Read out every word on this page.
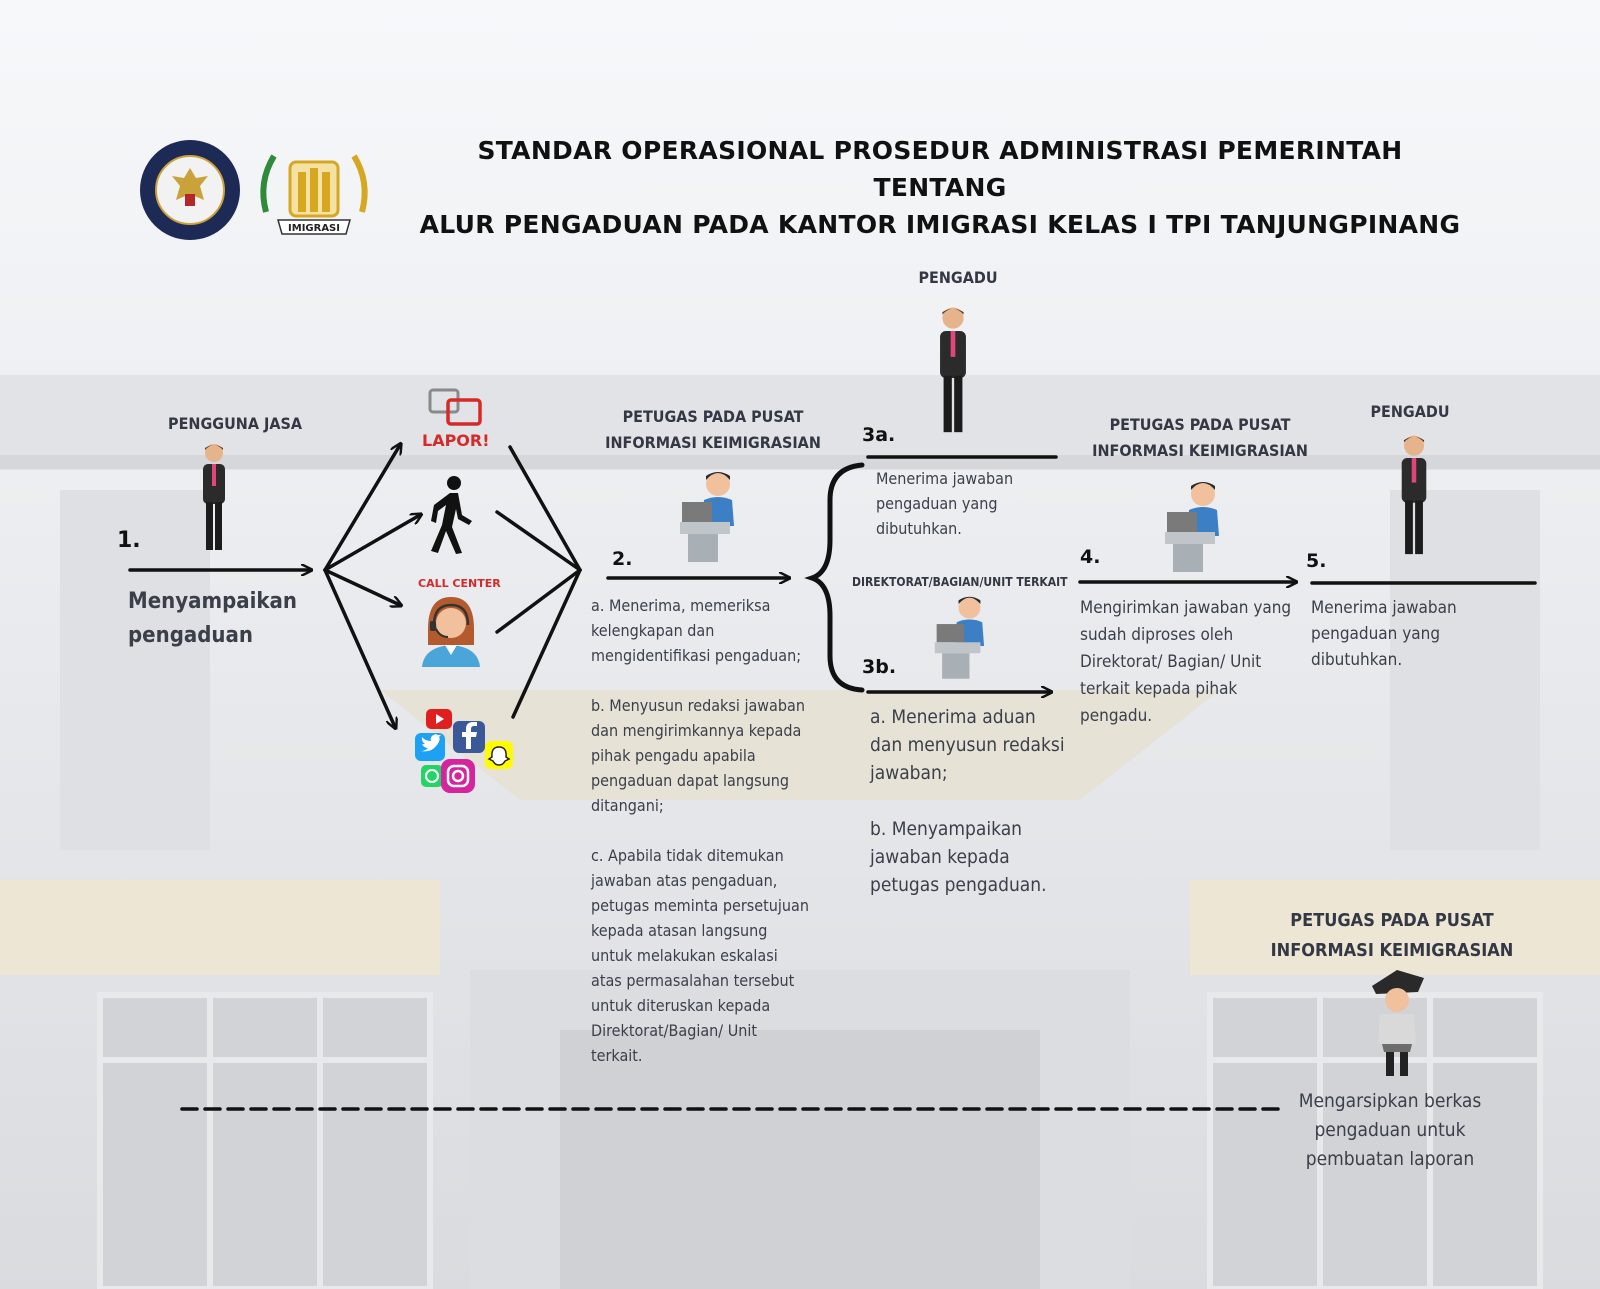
IMIGRASI
STANDAR OPERASIONAL PROSEDUR ADMINISTRASI PEMERINTAH
TENTANG
ALUR PENGADUAN PADA KANTOR IMIGRASI KELAS I TPI TANJUNGPINANG
PENGGUNA JASA
1.
Menyampaikan
pengaduan
LAPOR!
CALL CENTER
PETUGAS PADA PUSAT
INFORMASI KEIMIGRASIAN
2.
a. Menerima, memeriksa
kelengkapan dan
mengidentifikasi pengaduan;
b. Menyusun redaksi jawaban
dan mengirimkannya kepada
pihak pengadu apabila
pengaduan dapat langsung
ditangani;
c. Apabila tidak ditemukan
jawaban atas pengaduan,
petugas meminta persetujuan
kepada atasan langsung
untuk melakukan eskalasi
atas permasalahan tersebut
untuk diteruskan kepada
Direktorat/Bagian/ Unit
terkait.
PENGADU
3a.
Menerima jawaban
pengaduan yang
dibutuhkan.
DIREKTORAT/BAGIAN/UNIT TERKAIT
3b.
a. Menerima aduan
dan menyusun redaksi
jawaban;
b. Menyampaikan
jawaban kepada
petugas pengaduan.
PETUGAS PADA PUSAT
INFORMASI KEIMIGRASIAN
4.
Mengirimkan jawaban yang
sudah diproses oleh
Direktorat/ Bagian/ Unit
terkait kepada pihak
pengadu.
PENGADU
5.
Menerima jawaban
pengaduan yang
dibutuhkan.
PETUGAS PADA PUSAT
INFORMASI KEIMIGRASIAN
Mengarsipkan berkas
pengaduan untuk
pembuatan laporan
